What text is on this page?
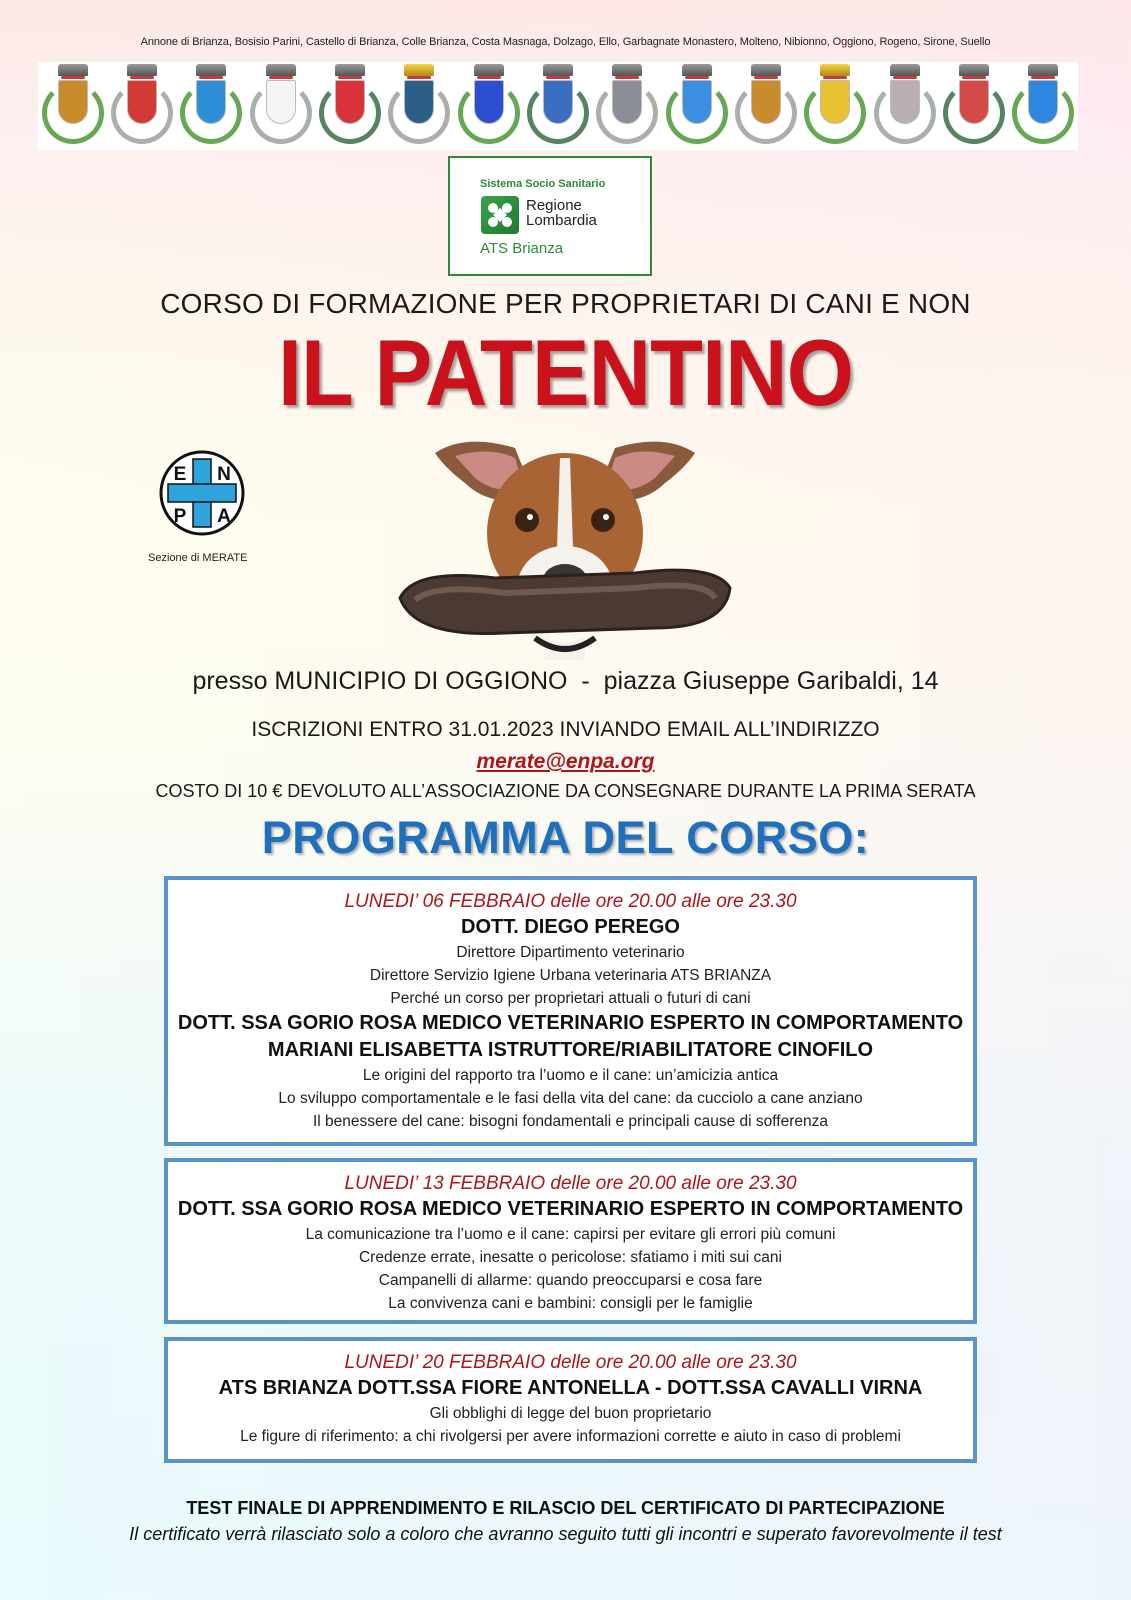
Annone di Brianza, Bosisio Parini, Castello di Brianza, Colle Brianza, Costa Masnaga, Dolzago, Ello, Garbagnate Monastero, Molteno, Nibionno, Oggiono, Rogeno, Sirone, Suello
Sistema Socio Sanitario
Regione
Lombardia
ATS Brianza
CORSO DI FORMAZIONE PER PROPRIETARI DI CANI E NON
IL PATENTINO
E N
P A
Sezione di MERATE
presso MUNICIPIO DI OGGIONO  -  piazza Giuseppe Garibaldi, 14
ISCRIZIONI ENTRO 31.01.2023 INVIANDO EMAIL ALL’INDIRIZZO
merate@enpa.org
COSTO DI 10 € DEVOLUTO ALL’ASSOCIAZIONE DA CONSEGNARE DURANTE LA PRIMA SERATA
PROGRAMMA DEL CORSO:
LUNEDI’ 06 FEBBRAIO delle ore 20.00 alle ore 23.30
DOTT. DIEGO PEREGO
Direttore Dipartimento veterinario
Direttore Servizio Igiene Urbana veterinaria ATS BRIANZA
Perché un corso per proprietari attuali o futuri di cani
DOTT. SSA GORIO ROSA MEDICO VETERINARIO ESPERTO IN COMPORTAMENTO
MARIANI ELISABETTA ISTRUTTORE/RIABILITATORE CINOFILO
Le origini del rapporto tra l’uomo e il cane: un’amicizia antica
Lo sviluppo comportamentale e le fasi della vita del cane: da cucciolo a cane anziano
Il benessere del cane: bisogni fondamentali e principali cause di sofferenza
LUNEDI’ 13 FEBBRAIO delle ore 20.00 alle ore 23.30
DOTT. SSA GORIO ROSA MEDICO VETERINARIO ESPERTO IN COMPORTAMENTO
La comunicazione tra l’uomo e il cane: capirsi per evitare gli errori più comuni
Credenze errate, inesatte o pericolose: sfatiamo i miti sui cani
Campanelli di allarme: quando preoccuparsi e cosa fare
La convivenza cani e bambini: consigli per le famiglie
LUNEDI’ 20 FEBBRAIO delle ore 20.00 alle ore 23.30
ATS BRIANZA DOTT.SSA FIORE ANTONELLA - DOTT.SSA CAVALLI VIRNA
Gli obblighi di legge del buon proprietario
Le figure di riferimento: a chi rivolgersi per avere informazioni corrette e aiuto in caso di problemi
TEST FINALE DI APPRENDIMENTO E RILASCIO DEL CERTIFICATO DI PARTECIPAZIONE
Il certificato verrà rilasciato solo a coloro che avranno seguito tutti gli incontri e superato favorevolmente il test
